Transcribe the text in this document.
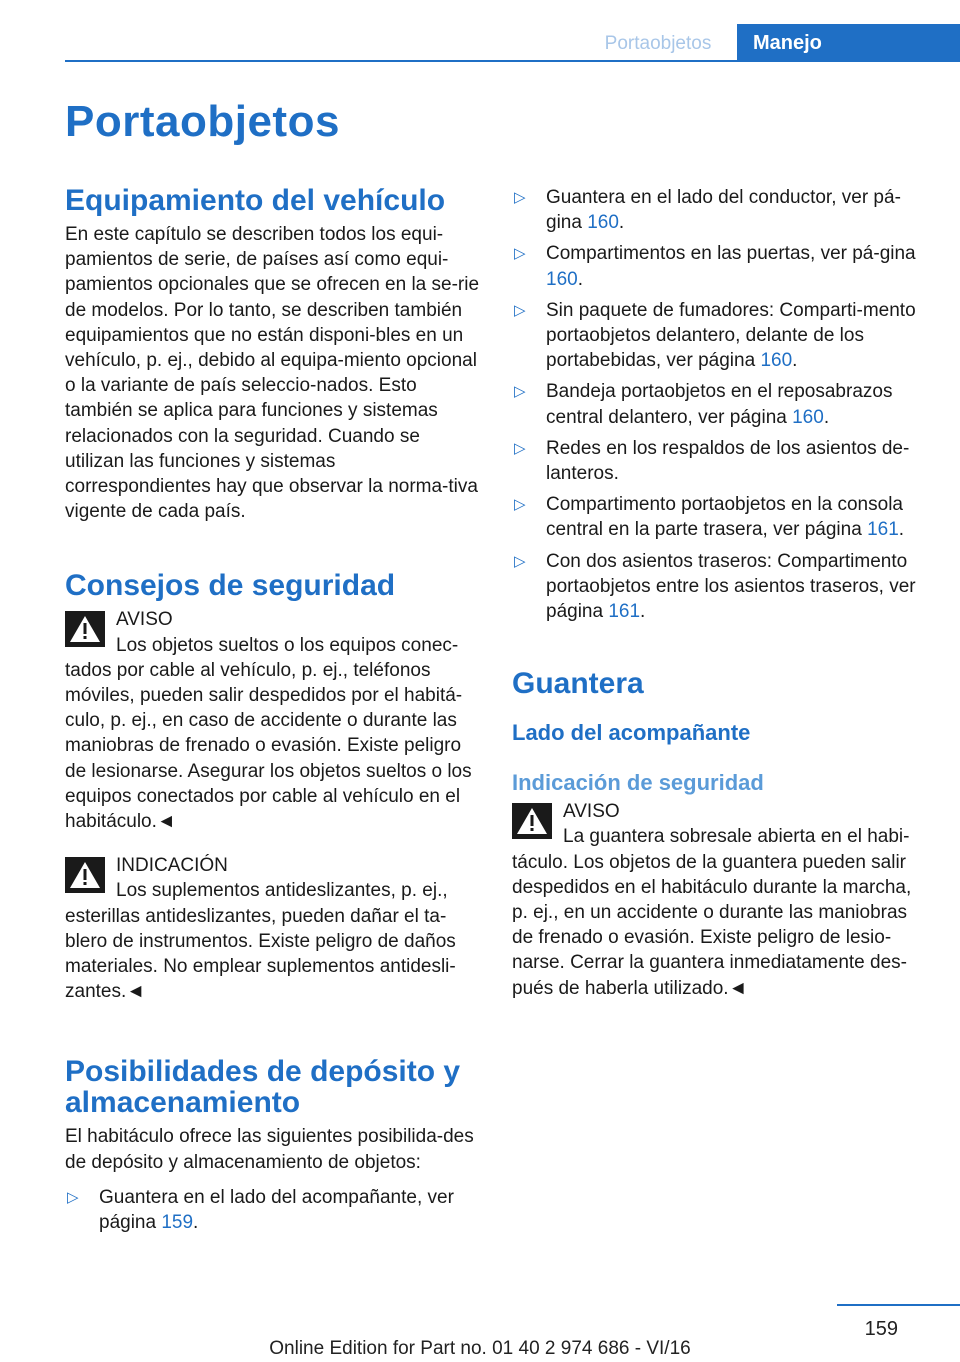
Portaobjetos	Manejo
Portaobjetos
Equipamiento del vehículo

En este capítulo se describen todos los equi-pamientos de serie, de países así como equi-pamientos opcionales que se ofrecen en la se-rie de modelos. Por lo tanto, se describen también equipamientos que no están disponi-bles en un vehículo, p. ej., debido al equipa-miento opcional o la variante de país seleccio-nados. Esto también se aplica para funciones y sistemas relacionados con la seguridad. Cuando se utilizan las funciones y sistemas correspondientes hay que observar la norma-tiva vigente de cada país.

Consejos de seguridad
AVISO
Los objetos sueltos o los equipos conec-

tados por cable al vehículo, p. ej., teléfonos móviles, pueden salir despedidos por el habitá-culo, p. ej., en caso de accidente o durante las maniobras de frenado o evasión. Existe peligro de lesionarse. Asegurar los objetos sueltos o los equipos conectados por cable al vehículo en el habitáculo.◄

INDICACIÓN
Los suplementos antideslizantes, p. ej.,

esterillas antideslizantes, pueden dañar el ta-blero de instrumentos. Existe peligro de daños materiales. No emplear suplementos antidesli-zantes.◄

Posibilidades de depósito y almacenamiento

El habitáculo ofrece las siguientes posibilida-des de depósito y almacenamiento de objetos:

▷ Guantera en el lado del acompañante, ver página 159.
▷ Guantera en el lado del conductor, ver pá-gina 160.
▷ Compartimentos en las puertas, ver pá-gina 160.
▷ Sin paquete de fumadores: Comparti-mento portaobjetos delantero, delante de los portabebidas, ver página 160.
▷ Bandeja portaobjetos en el reposabrazos central delantero, ver página 160.
▷ Redes en los respaldos de los asientos de-lanteros.
▷ Compartimento portaobjetos en la consola central en la parte trasera, ver página 161.
▷ Con dos asientos traseros: Compartimento portaobjetos entre los asientos traseros, ver página 161.
Guantera
Lado del acompañante
Indicación de seguridad
AVISO
La guantera sobresale abierta en el habi-

táculo. Los objetos de la guantera pueden salir despedidos en el habitáculo durante la marcha, p. ej., en un accidente o durante las maniobras de frenado o evasión. Existe peligro de lesio-narse. Cerrar la guantera inmediatamente des-pués de haberla utilizado.◄

159
Online Edition for Part no. 01 40 2 974 686 - VI/16
